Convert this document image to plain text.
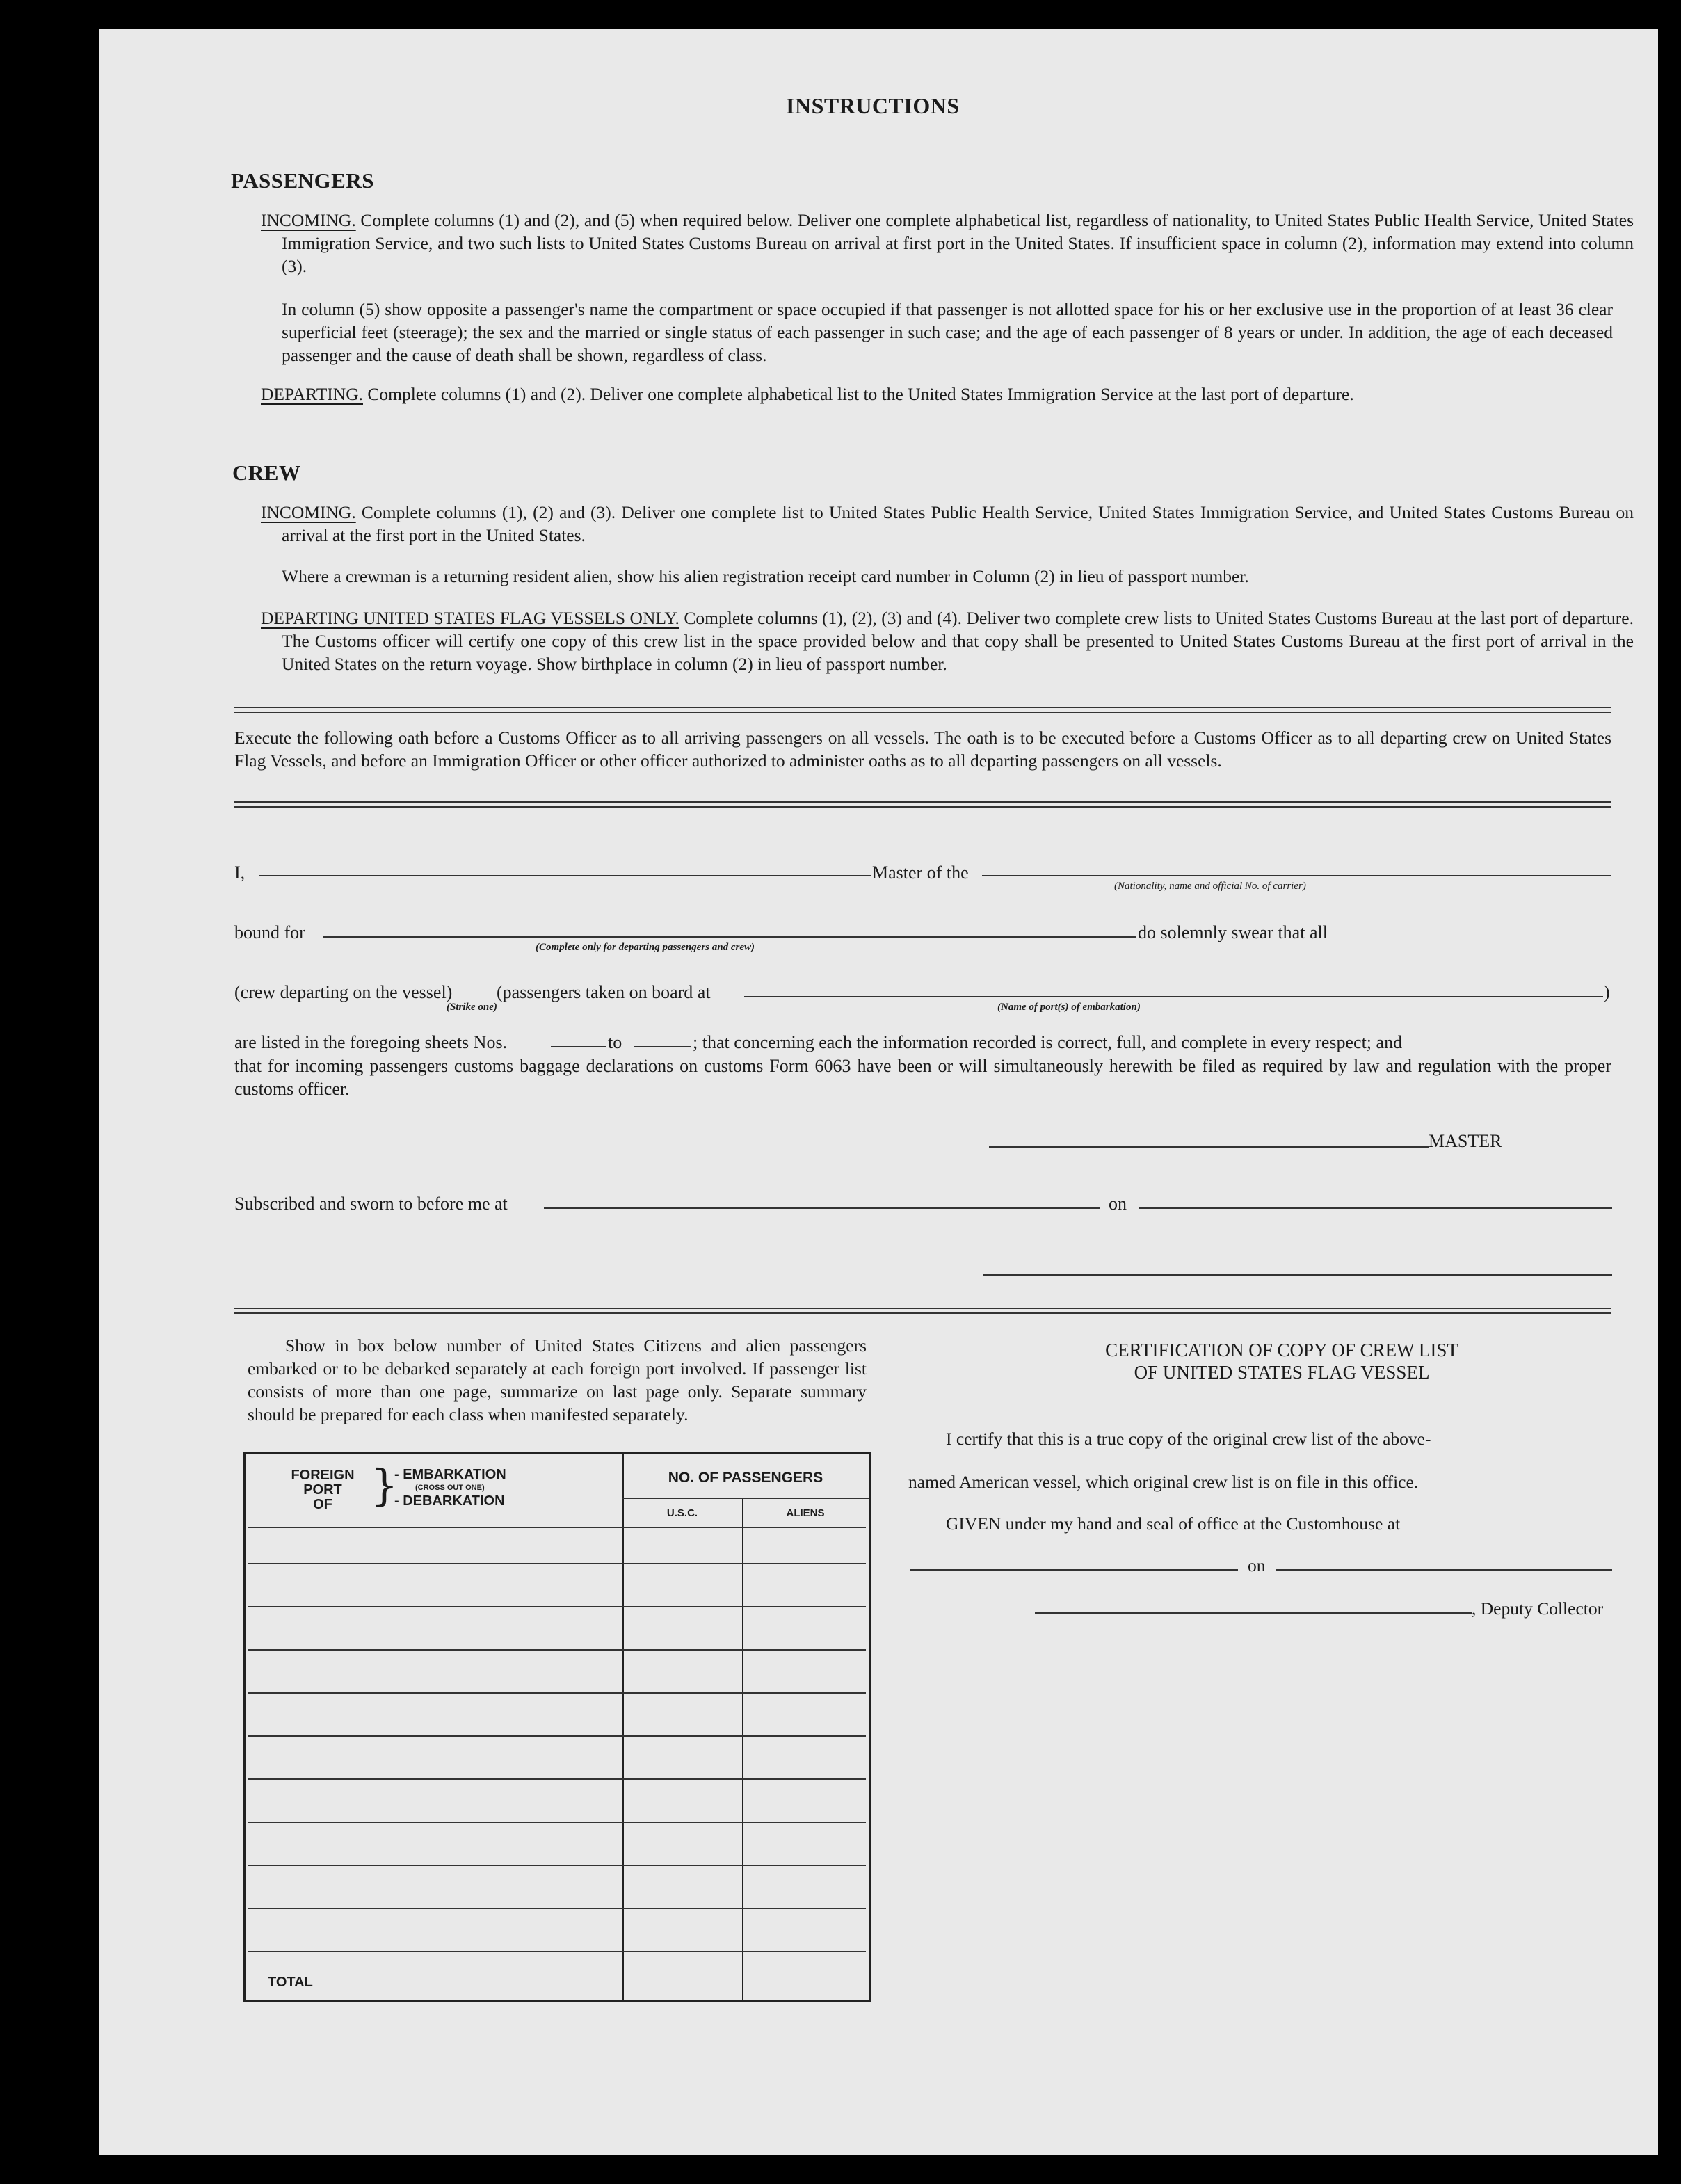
INSTRUCTIONS
PASSENGERS
INCOMING. Complete columns (1) and (2), and (5) when required below. Deliver one complete alphabetical list, regardless of nationality, to United States Public Health Service, United States Immigration Service, and two such lists to United States Customs Bureau on arrival at first port in the United States. If insufficient space in column (2), information may extend into column (3).
In column (5) show opposite a passenger's name the compartment or space occupied if that passenger is not allotted space for his or her exclusive use in the proportion of at least 36 clear superficial feet (steerage); the sex and the married or single status of each passenger in such case; and the age of each passenger of 8 years or under. In addition, the age of each deceased passenger and the cause of death shall be shown, regardless of class.
DEPARTING. Complete columns (1) and (2). Deliver one complete alphabetical list to the United States Immigration Service at the last port of departure.
CREW
INCOMING. Complete columns (1), (2) and (3). Deliver one complete list to United States Public Health Service, United States Immigration Service, and United States Customs Bureau on arrival at the first port in the United States.
Where a crewman is a returning resident alien, show his alien registration receipt card number in Column (2) in lieu of passport number.
DEPARTING UNITED STATES FLAG VESSELS ONLY. Complete columns (1), (2), (3) and (4). Deliver two complete crew lists to United States Customs Bureau at the last port of departure. The Customs officer will certify one copy of this crew list in the space provided below and that copy shall be presented to United States Customs Bureau at the first port of arrival in the United States on the return voyage. Show birthplace in column (2) in lieu of passport number.
Execute the following oath before a Customs Officer as to all arriving passengers on all vessels. The oath is to be executed before a Customs Officer as to all departing crew on United States Flag Vessels, and before an Immigration Officer or other officer authorized to administer oaths as to all departing passengers on all vessels.
I,	Master of the
(Nationality, name and official No. of carrier)
bound for
(Complete only for departing passengers and crew)
do solemnly swear that all
(crew departing on the vessel)
(Strike one)
(passengers taken on board at	)
(Name of port(s) of embarkation)
are listed in the foregoing sheets Nos.	to	; that concerning each the information recorded is correct, full, and complete in every respect; and
that for incoming passengers customs baggage declarations on customs Form 6063 have been or will simultaneously herewith be filed as required by law and regulation with the proper customs officer.
MASTER
Subscribed and sworn to before me at	on
Show in box below number of United States Citizens and alien passengers embarked or to be debarked separately at each foreign port involved. If passenger list consists of more than one page, summarize on last page only. Separate summary should be prepared for each class when manifested separately.
FOREIGN
PORT
OF }
- EMBARKATION
(CROSS OUT ONE)
- DEBARKATION
NO. OF PASSENGERS
U.S.C.	ALIENS
TOTAL
CERTIFICATION OF COPY OF CREW LIST
OF UNITED STATES FLAG VESSEL
I certify that this is a true copy of the original crew list of the above-
named American vessel, which original crew list is on file in this office.
GIVEN under my hand and seal of office at the Customhouse at
on
, Deputy Collector
